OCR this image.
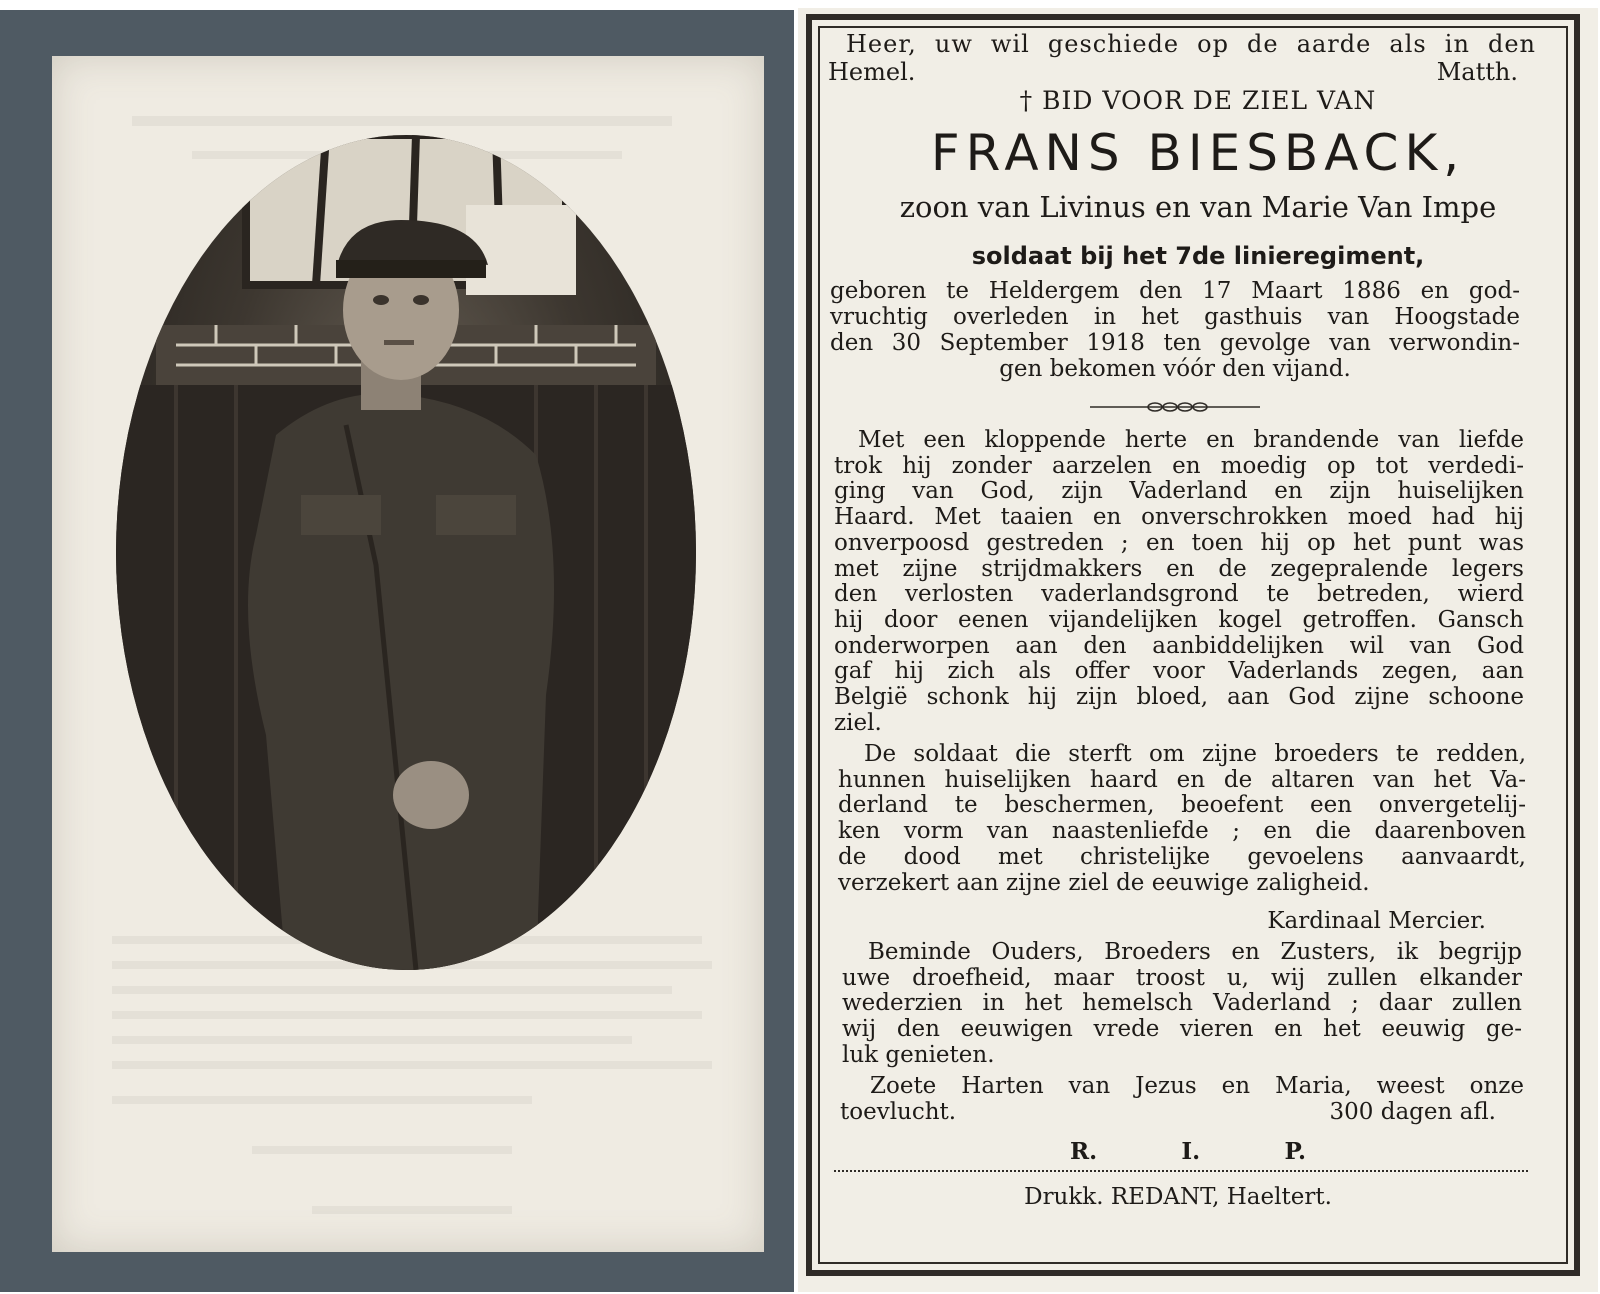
Heer, uw wil geschiede op de aarde als in den
Hemel.	Matth.
† BID VOOR DE ZIEL VAN
FRANS BIESBACK,
zoon van Livinus en van Marie Van Impe
soldaat bij het 7de linieregiment,
geboren te Heldergem den 17 Maart 1886 en god-
vruchtig overleden in het gasthuis van Hoogstade
den 30 September 1918 ten gevolge van verwondin-
gen bekomen vóór den vijand.
Met een kloppende herte en brandende van liefde
trok hij zonder aarzelen en moedig op tot verdedi-
ging van God, zijn Vaderland en zijn huiselijken
Haard. Met taaien en onverschrokken moed had hij
onverpoosd gestreden ; en toen hij op het punt was
met zijne strijdmakkers en de zegepralende legers
den verlosten vaderlandsgrond te betreden, wierd
hij door eenen vijandelijken kogel getroffen. Gansch
onderworpen aan den aanbiddelijken wil van God
gaf hij zich als offer voor Vaderlands zegen, aan
België schonk hij zijn bloed, aan God zijne schoone
ziel.
De soldaat die sterft om zijne broeders te redden,
hunnen huiselijken haard en de altaren van het Va-
derland te beschermen, beoefent een onvergetelij-
ken vorm van naastenliefde ; en die daarenboven
de dood met christelijke gevoelens aanvaardt,
verzekert aan zijne ziel de eeuwige zaligheid.
Kardinaal Mercier.
Beminde Ouders, Broeders en Zusters, ik begrijp
uwe droefheid, maar troost u, wij zullen elkander
wederzien in het hemelsch Vaderland ; daar zullen
wij den eeuwigen vrede vieren en het eeuwig ge-
luk genieten.
Zoete Harten van Jezus en Maria, weest onze
toevlucht.	300 dagen afl.
R.	I.	P.
Drukk. REDANT, Haeltert.
